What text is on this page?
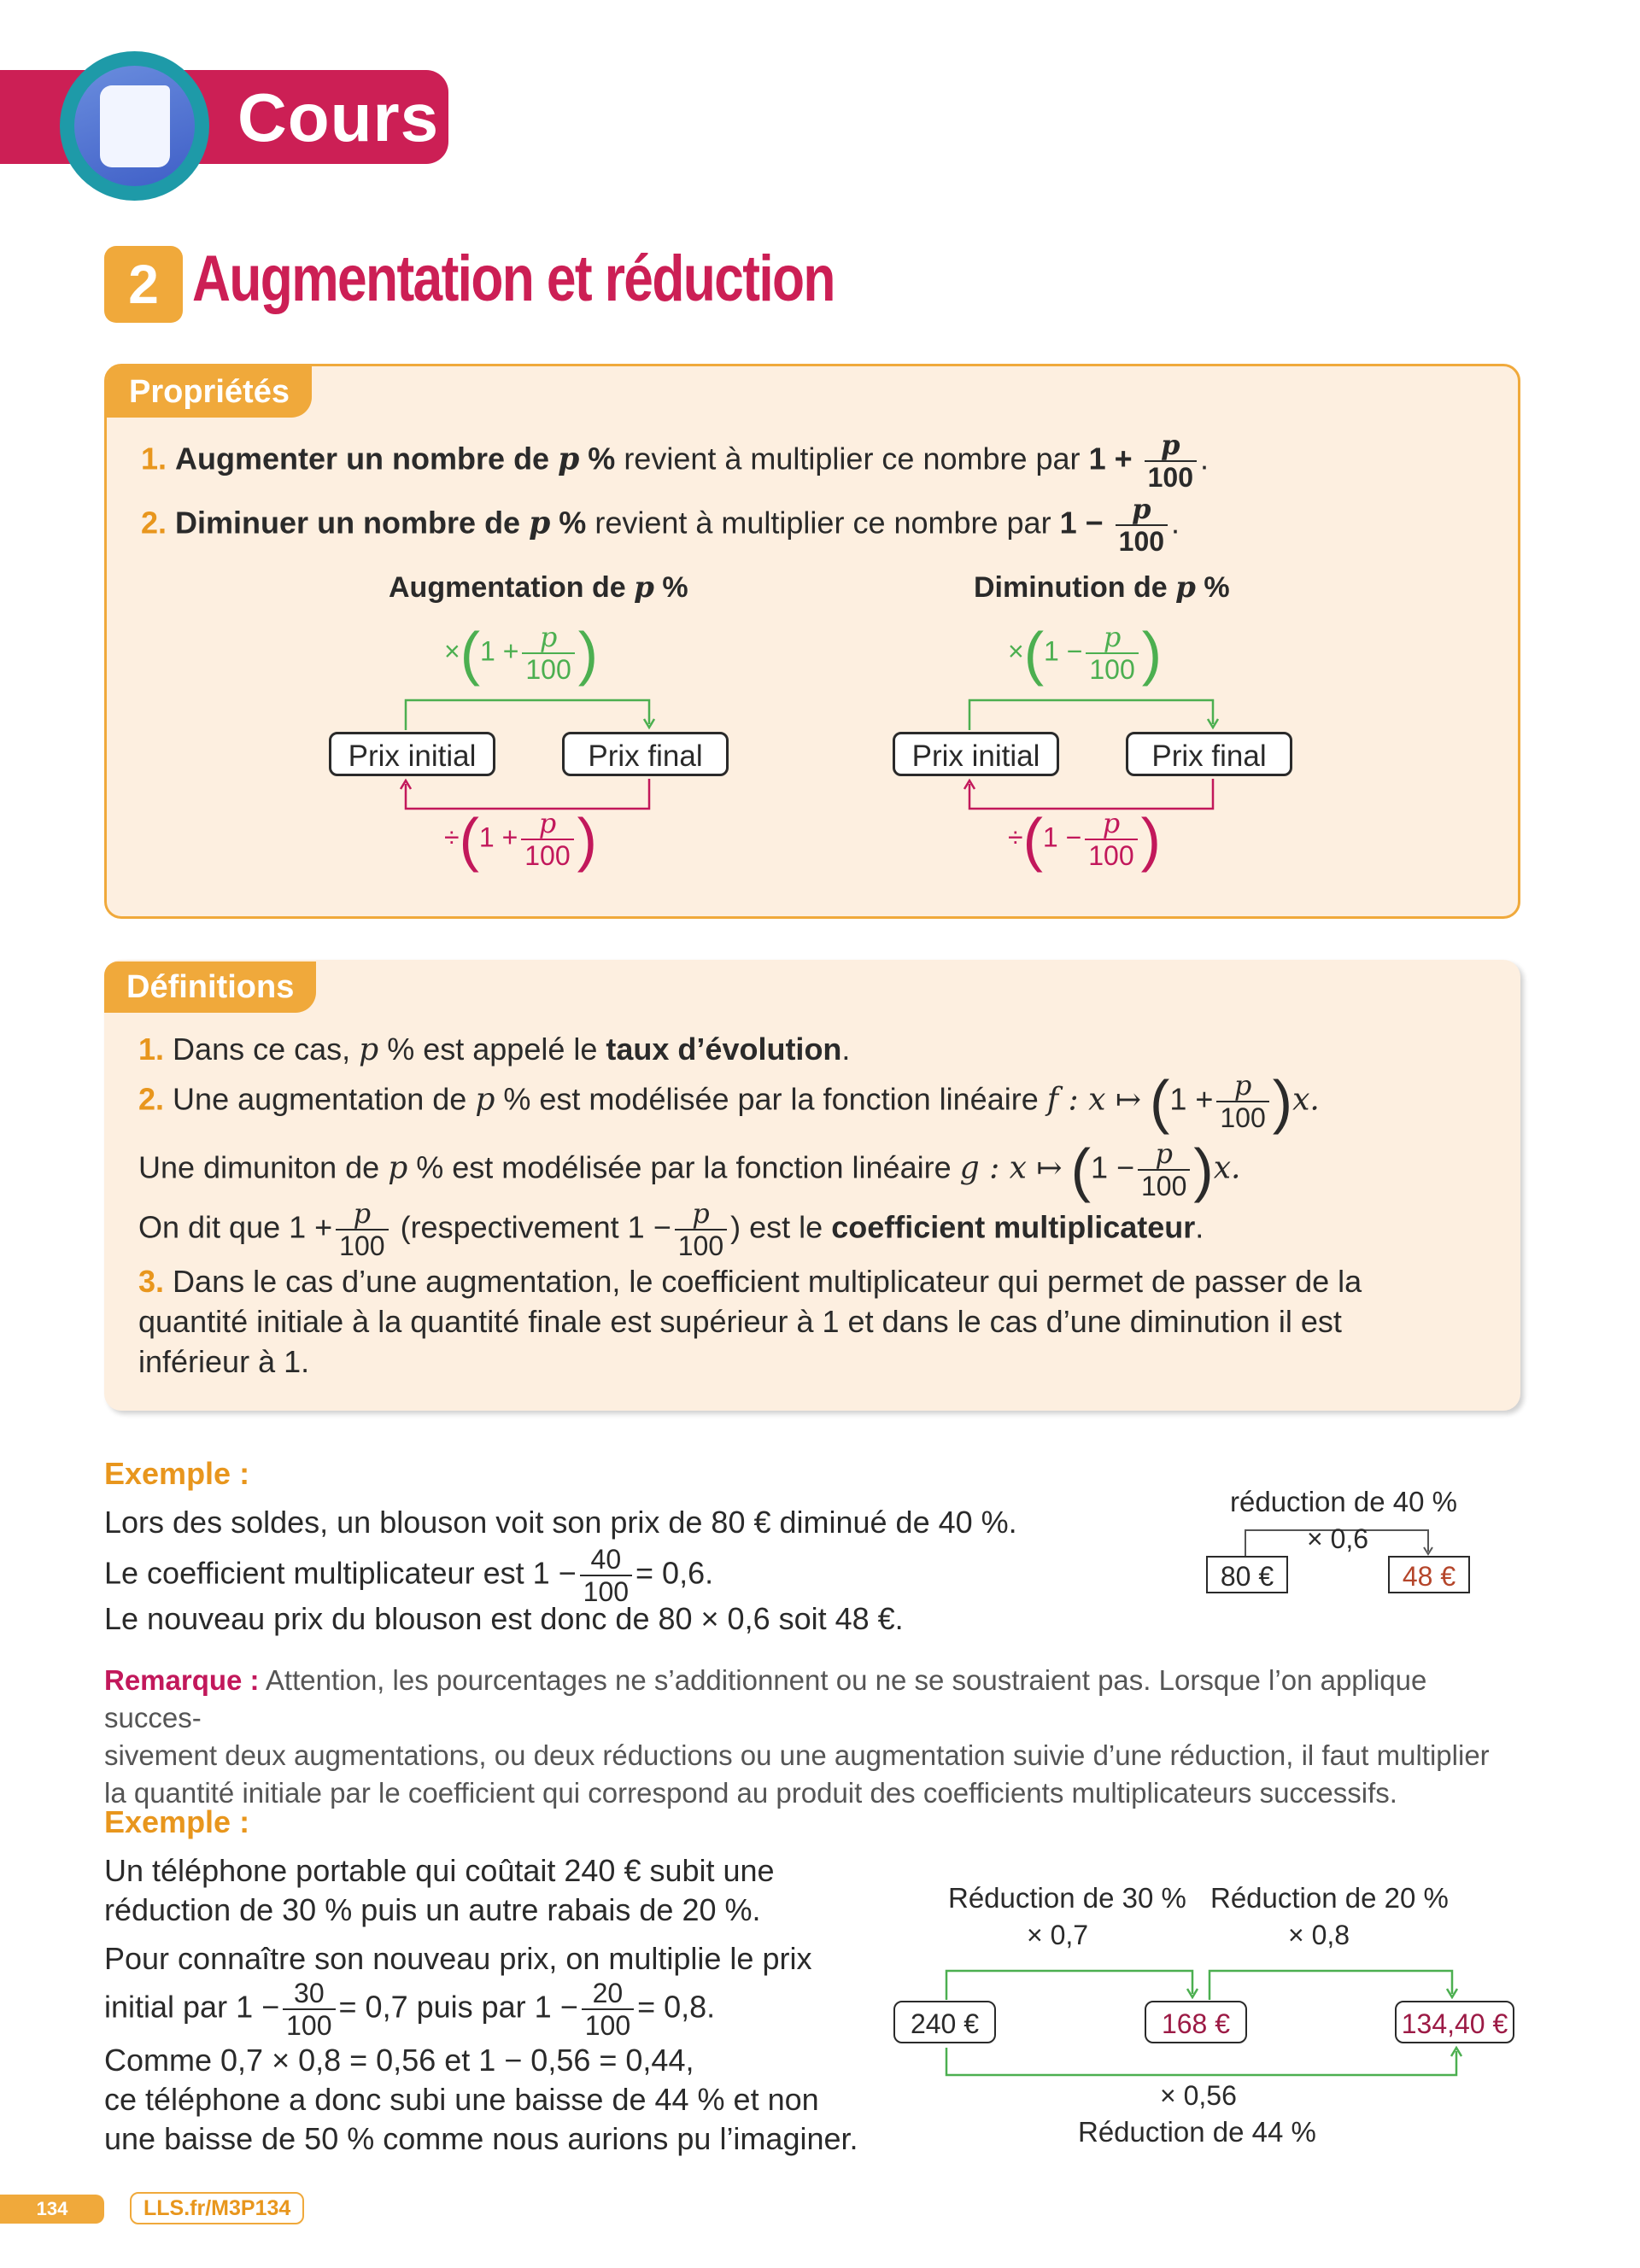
Cours
2 Augmentation et réduction
Propriétés
1. Augmenter un nombre de p % revient à multiplier ce nombre par $1 + \frac{p}{100}$ .
2. Diminuer un nombre de p % revient à multiplier ce nombre par $1 - \frac{p}{100}$ .
Augmentation de p %
$\times(1 + \frac{p}{100}$ )
Prix initial	Prix final
$\div(1 + \frac{p}{100}$ )
Diminution de p %
$\times(1 - \frac{p}{100}$ )
Prix initial	Prix final
$\div(1 - \frac{p}{100}$ )
Définitions
1. Dans ce cas, p % est appelé le taux d’évolution.
2. Une augmentation de p % est modélisée par la fonction linéaire f : x ↦ $(1 + \frac{p}{100} )x$.
Une dimuniton de p % est modélisée par la fonction linéaire g : x ↦ $(1 - \frac{p}{100} )x$.
On dit que $1 + \frac{p}{100}$ (respectivement $1 - \frac{p}{100}$ ) est le coefficient multiplicateur.
3. Dans le cas d’une augmentation, le coefficient multiplicateur qui permet de passer de la
quantité initiale à la quantité finale est supérieur à 1 et dans le cas d’une diminution il est
inférieur à 1.
Exemple :
Lors des soldes, un blouson voit son prix de 80 € diminué de 40 %.
Le coefficient multiplicateur est $1 - \frac{40}{100} = 0,6$.
Le nouveau prix du blouson est donc de 80 × 0,6 soit 48 €.
réduction de 40 %
× 0,6
80 €	48 €
Remarque : Attention, les pourcentages ne s’additionnent ou ne se soustraient pas. Lorsque l’on applique succes-
sivement deux augmentations, ou deux réductions ou une augmentation suivie d’une réduction, il faut multiplier
la quantité initiale par le coefficient qui correspond au produit des coefficients multiplicateurs successifs.
Exemple :
Un téléphone portable qui coûtait 240 € subit une
réduction de 30 % puis un autre rabais de 20 %.
Pour connaître son nouveau prix, on multiplie le prix
initial par $1 - \frac{30}{100} = 0,7$ puis par $1 - \frac{20}{100} = 0,8$.
Comme 0,7 × 0,8 = 0,56 et 1 − 0,56 = 0,44,
ce téléphone a donc subi une baisse de 44 % et non
une baisse de 50 % comme nous aurions pu l’imaginer.
Réduction de 30 %
× 0,7
Réduction de 20 %
× 0,8
240 €	168 €	134,40 €
× 0,56
Réduction de 44 %
134	LLS.fr/M3P134
